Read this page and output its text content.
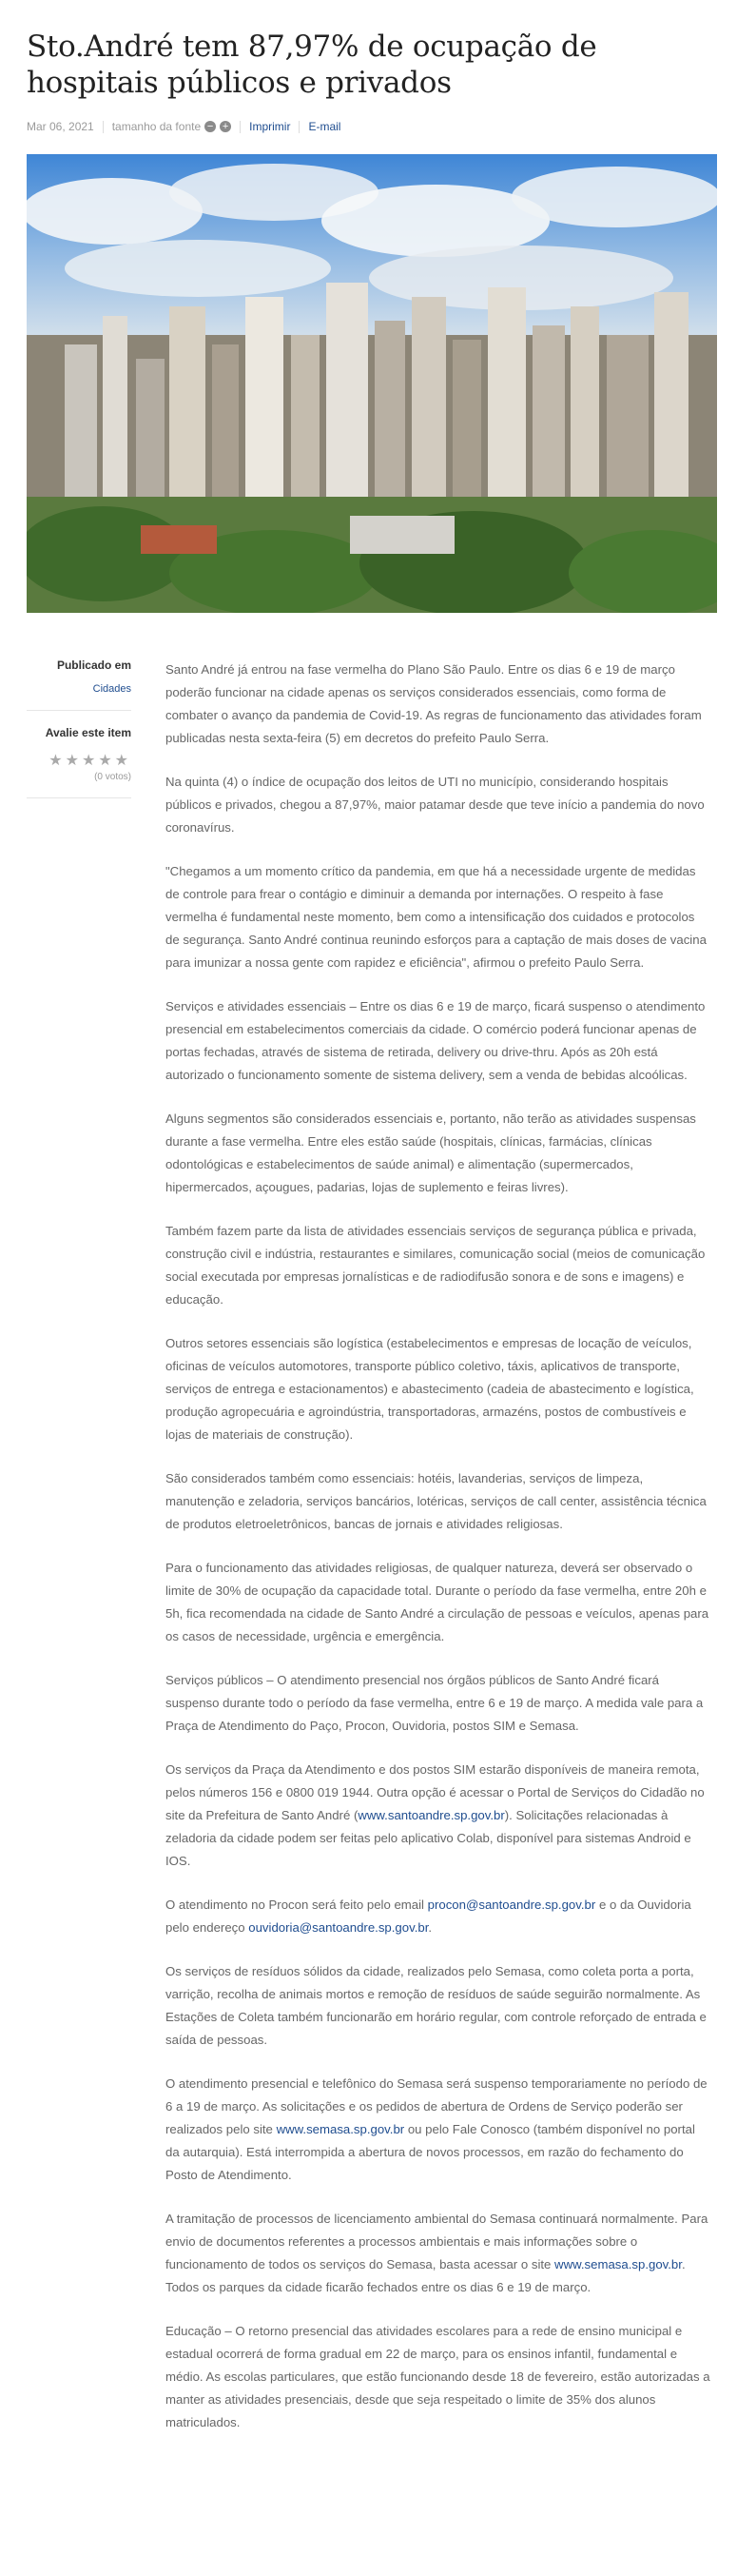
Sto.André tem 87,97% de ocupação de hospitais públicos e privados
Mar 06, 2021 tamanho da fonte − + Imprimir E-mail
Publicado em
Cidades
Avalie este item
★★★★★
(0 votos)

Santo André já entrou na fase vermelha do Plano São Paulo. Entre os dias 6 e 19 de março poderão funcionar na cidade apenas os serviços considerados essenciais, como forma de combater o avanço da pandemia de Covid-19. As regras de funcionamento das atividades foram publicadas nesta sexta-feira (5) em decretos do prefeito Paulo Serra.

Na quinta (4) o índice de ocupação dos leitos de UTI no município, considerando hospitais públicos e privados, chegou a 87,97%, maior patamar desde que teve início a pandemia do novo coronavírus.

"Chegamos a um momento crítico da pandemia, em que há a necessidade urgente de medidas de controle para frear o contágio e diminuir a demanda por internações. O respeito à fase vermelha é fundamental neste momento, bem como a intensificação dos cuidados e protocolos de segurança. Santo André continua reunindo esforços para a captação de mais doses de vacina para imunizar a nossa gente com rapidez e eficiência", afirmou o prefeito Paulo Serra.

Serviços e atividades essenciais – Entre os dias 6 e 19 de março, ficará suspenso o atendimento presencial em estabelecimentos comerciais da cidade. O comércio poderá funcionar apenas de portas fechadas, através de sistema de retirada, delivery ou drive-thru. Após as 20h está autorizado o funcionamento somente de sistema delivery, sem a venda de bebidas alcoólicas.

Alguns segmentos são considerados essenciais e, portanto, não terão as atividades suspensas durante a fase vermelha. Entre eles estão saúde (hospitais, clínicas, farmácias, clínicas odontológicas e estabelecimentos de saúde animal) e alimentação (supermercados, hipermercados, açougues, padarias, lojas de suplemento e feiras livres).

Também fazem parte da lista de atividades essenciais serviços de segurança pública e privada, construção civil e indústria, restaurantes e similares, comunicação social (meios de comunicação social executada por empresas jornalísticas e de radiodifusão sonora e de sons e imagens) e educação.

Outros setores essenciais são logística (estabelecimentos e empresas de locação de veículos, oficinas de veículos automotores, transporte público coletivo, táxis, aplicativos de transporte, serviços de entrega e estacionamentos) e abastecimento (cadeia de abastecimento e logística, produção agropecuária e agroindústria, transportadoras, armazéns, postos de combustíveis e lojas de materiais de construção).

São considerados também como essenciais: hotéis, lavanderias, serviços de limpeza, manutenção e zeladoria, serviços bancários, lotéricas, serviços de call center, assistência técnica de produtos eletroeletrônicos, bancas de jornais e atividades religiosas.

Para o funcionamento das atividades religiosas, de qualquer natureza, deverá ser observado o limite de 30% de ocupação da capacidade total. Durante o período da fase vermelha, entre 20h e 5h, fica recomendada na cidade de Santo André a circulação de pessoas e veículos, apenas para os casos de necessidade, urgência e emergência.

Serviços públicos – O atendimento presencial nos órgãos públicos de Santo André ficará suspenso durante todo o período da fase vermelha, entre 6 e 19 de março. A medida vale para a Praça de Atendimento do Paço, Procon, Ouvidoria, postos SIM e Semasa.

Os serviços da Praça da Atendimento e dos postos SIM estarão disponíveis de maneira remota, pelos números 156 e 0800 019 1944. Outra opção é acessar o Portal de Serviços do Cidadão no site da Prefeitura de Santo André (www.santoandre.sp.gov.br). Solicitações relacionadas à zeladoria da cidade podem ser feitas pelo aplicativo Colab, disponível para sistemas Android e IOS.

O atendimento no Procon será feito pelo email procon@santoandre.sp.gov.br e o da Ouvidoria pelo endereço ouvidoria@santoandre.sp.gov.br.

Os serviços de resíduos sólidos da cidade, realizados pelo Semasa, como coleta porta a porta, varrição, recolha de animais mortos e remoção de resíduos de saúde seguirão normalmente. As Estações de Coleta também funcionarão em horário regular, com controle reforçado de entrada e saída de pessoas.

O atendimento presencial e telefônico do Semasa será suspenso temporariamente no período de 6 a 19 de março. As solicitações e os pedidos de abertura de Ordens de Serviço poderão ser realizados pelo site www.semasa.sp.gov.br ou pelo Fale Conosco (também disponível no portal da autarquia). Está interrompida a abertura de novos processos, em razão do fechamento do Posto de Atendimento.

A tramitação de processos de licenciamento ambiental do Semasa continuará normalmente. Para envio de documentos referentes a processos ambientais e mais informações sobre o funcionamento de todos os serviços do Semasa, basta acessar o site www.semasa.sp.gov.br. Todos os parques da cidade ficarão fechados entre os dias 6 e 19 de março.

Educação – O retorno presencial das atividades escolares para a rede de ensino municipal e estadual ocorrerá de forma gradual em 22 de março, para os ensinos infantil, fundamental e médio. As escolas particulares, que estão funcionando desde 18 de fevereiro, estão autorizadas a manter as atividades presenciais, desde que seja respeitado o limite de 35% dos alunos matriculados.
